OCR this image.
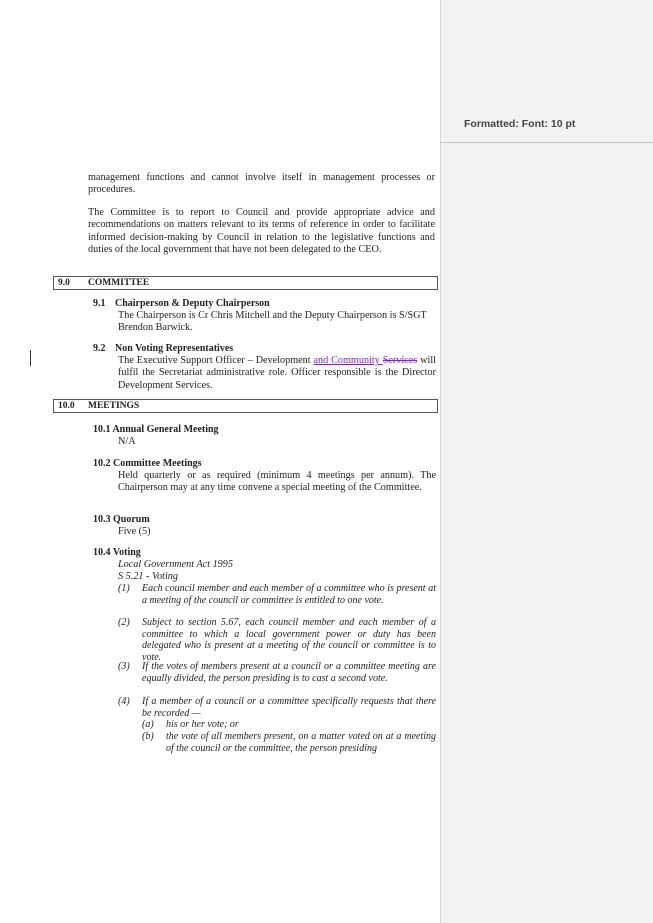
Formatted: Font: 10 pt
management functions and cannot involve itself in management processes or procedures.
The Committee is to report to Council and provide appropriate advice and recommendations on matters relevant to its terms of reference in order to facilitate informed decision-making by Council in relation to the legislative functions and duties of the local government that have not been delegated to the CEO.
9.0 COMMITTEE
9.1 Chairperson & Deputy Chairperson
The Chairperson is Cr Chris Mitchell and the Deputy Chairperson is S/SGT Brendon Barwick.
9.2 Non Voting Representatives
The Executive Support Officer – Development and Community Services will fulfil the Secretariat administrative role. Officer responsible is the Director Development Services.
10.0 MEETINGS
10.1 Annual General Meeting
N/A
10.2 Committee Meetings
Held quarterly or as required (minimum 4 meetings per annum). The Chairperson may at any time convene a special meeting of the Committee.
10.3 Quorum
Five (5)
10.4 Voting
Local Government Act 1995
S 5.21 - Voting
(1) Each council member and each member of a committee who is present at a meeting of the council or committee is entitled to one vote.
(2) Subject to section 5.67, each council member and each member of a committee to which a local government power or duty has been delegated who is present at a meeting of the council or committee is to vote.
(3) If the votes of members present at a council or a committee meeting are equally divided, the person presiding is to cast a second vote.
(4) If a member of a council or a committee specifically requests that there be recorded —
(a) his or her vote; or
(b) the vote of all members present, on a matter voted on at a meeting of the council or the committee, the person presiding
